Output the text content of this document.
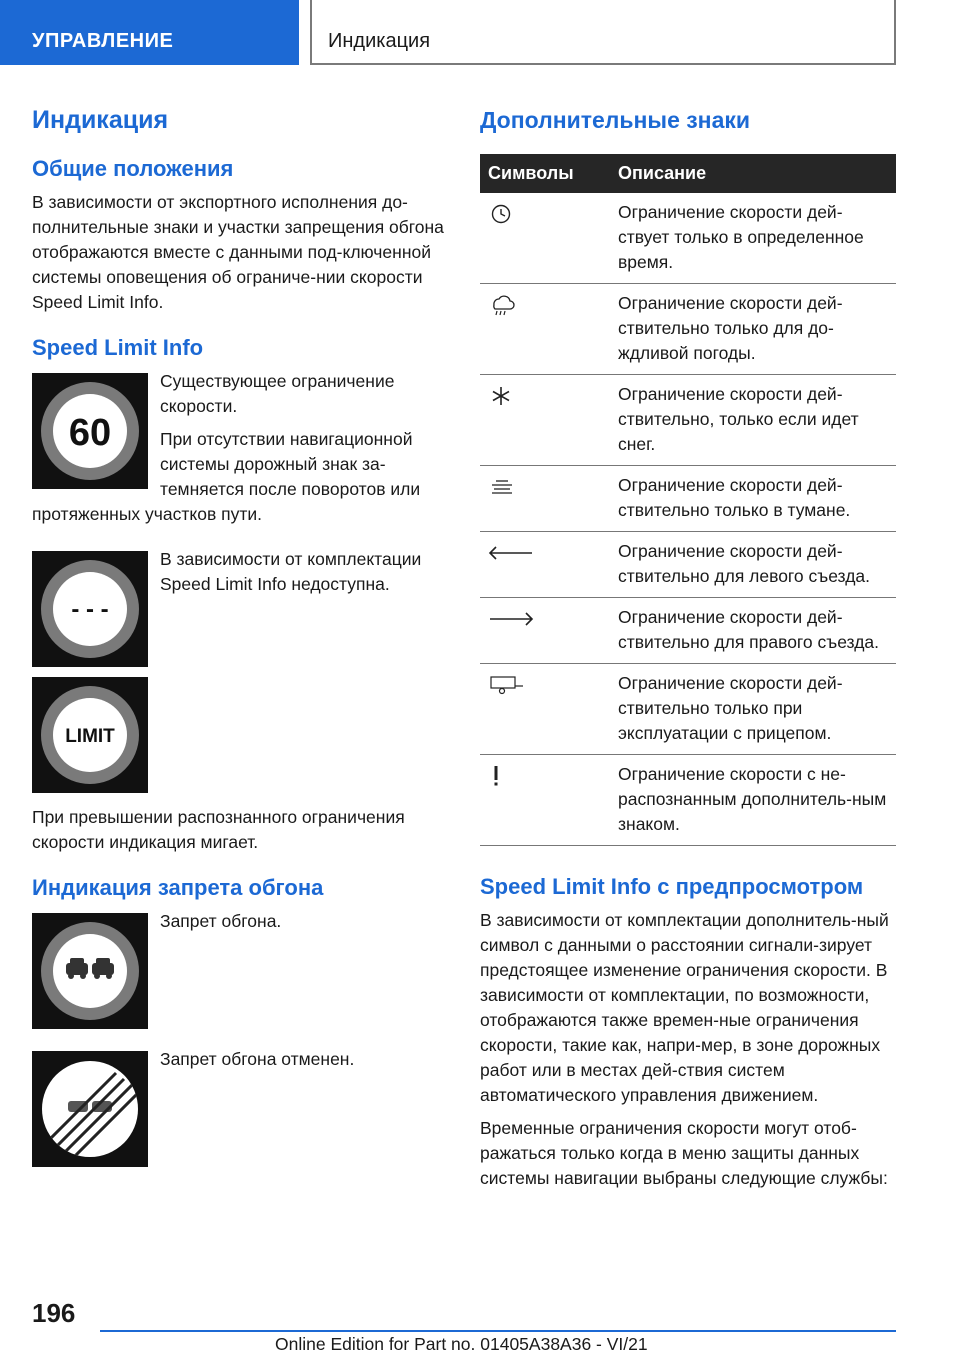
УПРАВЛЕНИЕ	Индикация
Индикация
Общие положения

В зависимости от экспортного исполнения до-полнительные знаки и участки запрещения обгона отображаются вместе с данными под-ключенной системы оповещения об ограниче-нии скорости Speed Limit Info.

Speed Limit Info
60

Существующее ограничение скорости.

При отсутствии навигационной системы дорожный знак за-темняется после поворотов или протяженных участков пути.

- - -

В зависимости от комплектации Speed Limit Info недоступна.

LIMIT

При превышении распознанного ограничения скорости индикация мигает.

Индикация запрета обгона

Запрет обгона.

Запрет обгона отменен.

Дополнительные знаки
Символы	Описание
	Ограничение скорости дей-ствует только в определенное время.
	Ограничение скорости дей-ствительно только для до-ждливой погоды.
	Ограничение скорости дей-ствительно, только если идет снег.
	Ограничение скорости дей-ствительно только в тумане.
	Ограничение скорости дей-ствительно для левого съезда.
	Ограничение скорости дей-ствительно для правого съезда.
	Ограничение скорости дей-ствительно только при эксплуатации с прицепом.
	Ограничение скорости с не-распознанным дополнитель-ным знаком.
Speed Limit Info с предпросмотром

В зависимости от комплектации дополнитель-ный символ с данными о расстоянии сигнали-зирует предстоящее изменение ограничения скорости. В зависимости от комплектации, по возможности, отображаются также времен-ные ограничения скорости, такие как, напри-мер, в зоне дорожных работ или в местах дей-ствия систем автоматического управления движением.

Временные ограничения скорости могут отоб-ражаться только когда в меню защиты данных системы навигации выбраны следующие службы:

196
Online Edition for Part no. 01405A38A36 - VI/21
